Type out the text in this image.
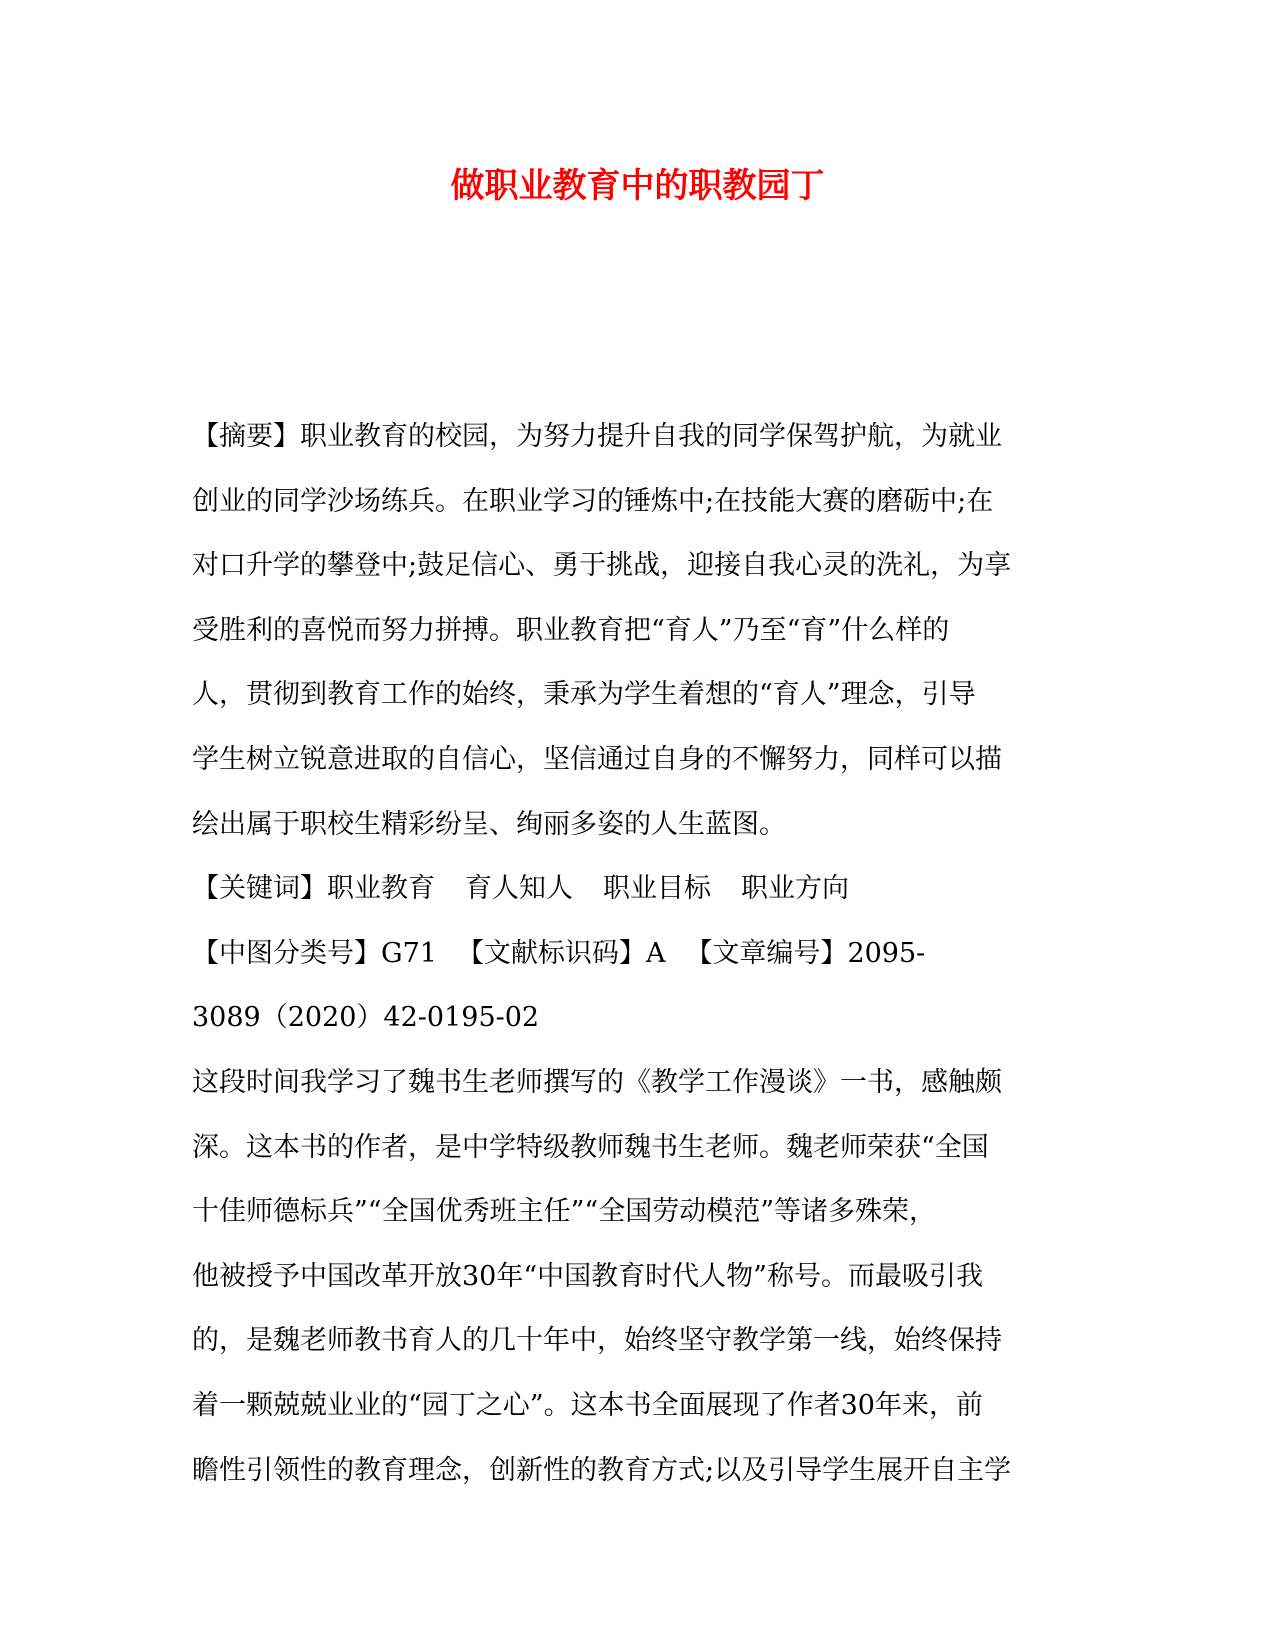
做职业教育中的职教园丁
【摘要】职业教育的校园，为努力提升自我的同学保驾护航，为就业
创业的同学沙场练兵。在职业学习的锤炼中;在技能大赛的磨砺中;在
对口升学的攀登中;鼓足信心、勇于挑战，迎接自我心灵的洗礼，为享
受胜利的喜悦而努力拼搏。职业教育把“育人”乃至“育”什么样的
人，贯彻到教育工作的始终，秉承为学生着想的“育人”理念，引导
学生树立锐意进取的自信心，坚信通过自身的不懈努力，同样可以描
绘出属于职校生精彩纷呈、绚丽多姿的人生蓝图。
【关键词】职业教育 育人知人 职业目标 职业方向
【中图分类号】G71 【文献标识码】A 【文章编号】2095-
3089（2020）42-0195-02
这段时间我学习了魏书生老师撰写的《教学工作漫谈》一书，感触颇
深。这本书的作者，是中学特级教师魏书生老师。魏老师荣获“全国
十佳师德标兵”“全国优秀班主任”“全国劳动模范”等诸多殊荣，
他被授予中国改革开放30年“中国教育时代人物”称号。而最吸引我
的，是魏老师教书育人的几十年中，始终坚守教学第一线，始终保持
着一颗兢兢业业的“园丁之心”。这本书全面展现了作者30年来，前
瞻性引领性的教育理念，创新性的教育方式;以及引导学生展开自主学
